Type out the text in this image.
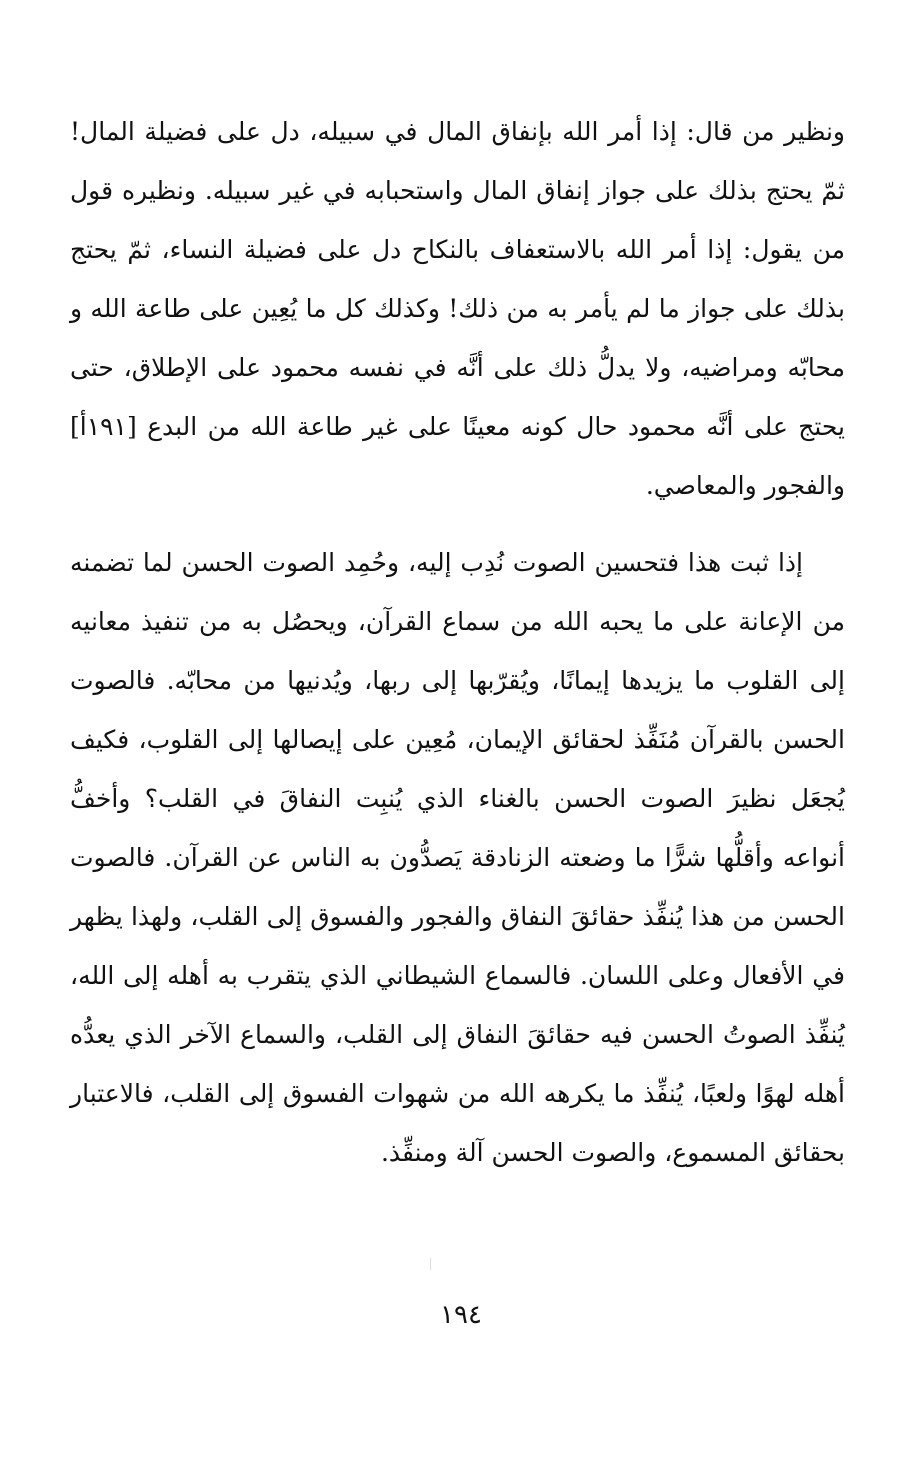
ونظير من قال: إذا أمر الله بإنفاق المال في سبيله، دل على فضيلة المال! ثمّ يحتج بذلك على جواز إنفاق المال واستحبابه في غير سبيله. ونظيره قول من يقول: إذا أمر الله بالاستعفاف بالنكاح دل على فضيلة النساء، ثمّ يحتج بذلك على جواز ما لم يأمر به من ذلك! وكذلك كل ما يُعِين على طاعة الله و محابّه ومراضيه، ولا يدلُّ ذلك على أنَّه في نفسه محمود على الإطلاق، حتى يحتج على أنَّه محمود حال كونه معينًا على غير طاعة الله من البدع [١٩١أ] والفجور والمعاصي.

إذا ثبت هذا فتحسين الصوت نُدِب إليه، وحُمِد الصوت الحسن لما تضمنه من الإعانة على ما يحبه الله من سماع القرآن، ويحصُل به من تنفيذ معانيه إلى القلوب ما يزيدها إيمانًا، ويُقرّبها إلى ربها، ويُدنيها من محابّه. فالصوت الحسن بالقرآن مُنَفِّذ لحقائق الإيمان، مُعِين على إيصالها إلى القلوب، فكيف يُجعَل نظيرَ الصوت الحسن بالغناء الذي يُنبِت النفاقَ في القلب؟ وأخفُّ أنواعه وأقلُّها شرًّا ما وضعته الزنادقة يَصدُّون به الناس عن القرآن. فالصوت الحسن من هذا يُنفِّذ حقائقَ النفاق والفجور والفسوق إلى القلب، ولهذا يظهر في الأفعال وعلى اللسان. فالسماع الشيطاني الذي يتقرب به أهله إلى الله، يُنفِّذ الصوتُ الحسن فيه حقائقَ النفاق إلى القلب، والسماع الآخر الذي يعدُّه أهله لهوًا ولعبًا، يُنفِّذ ما يكرهه الله من شهوات الفسوق إلى القلب، فالاعتبار بحقائق المسموع، والصوت الحسن آلة ومنفِّذ.

١٩٤
